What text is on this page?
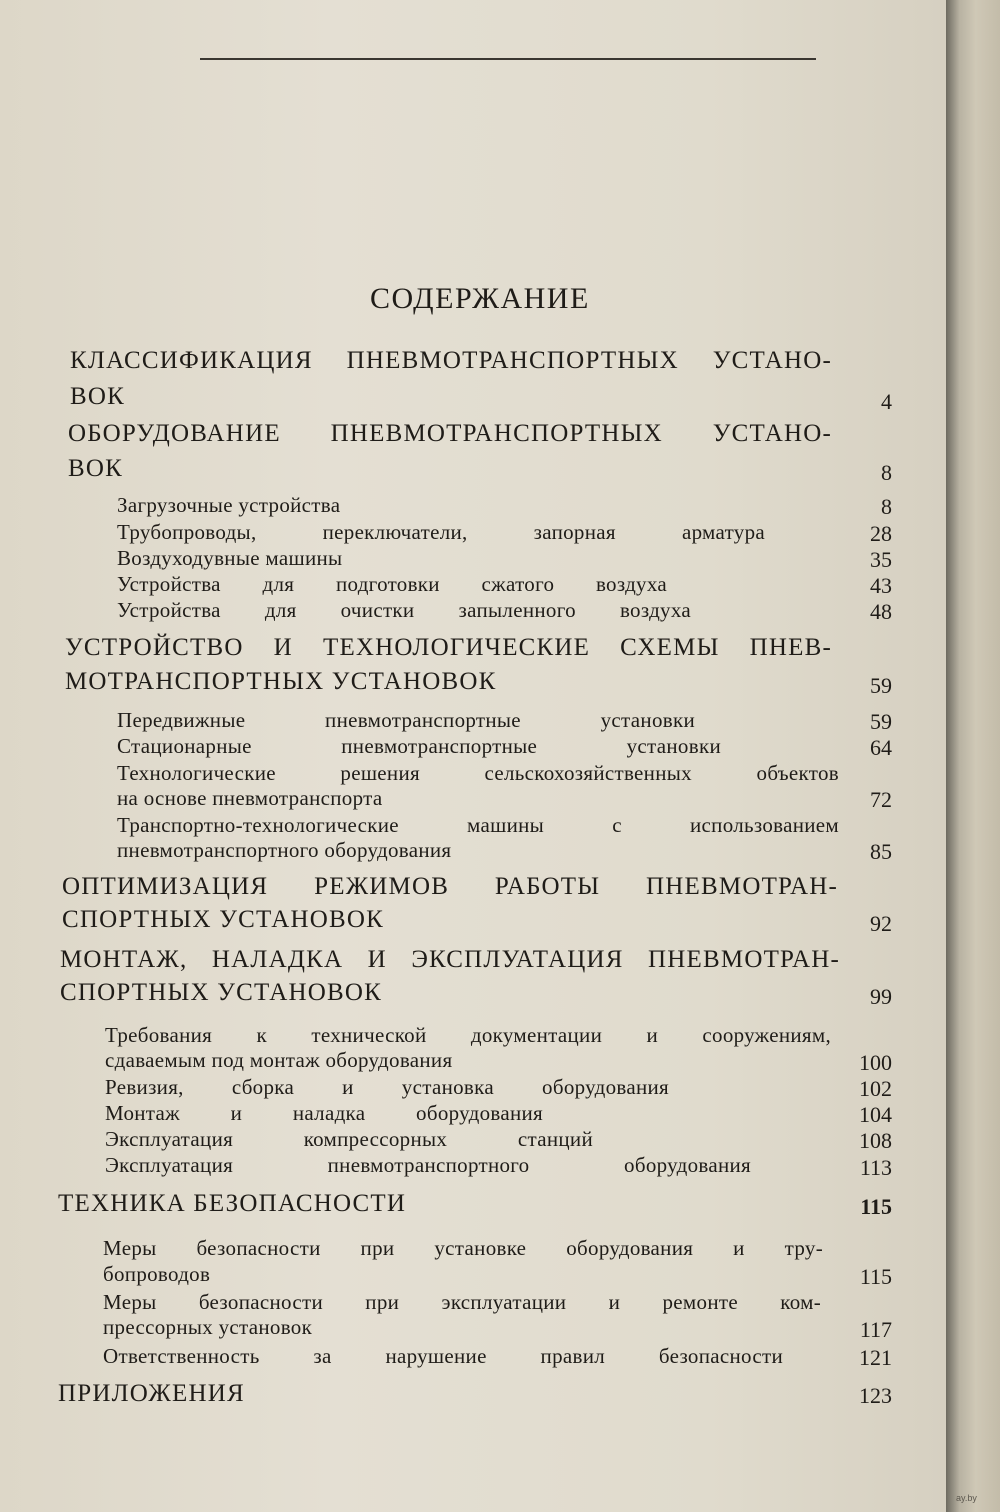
СОДЕРЖАНИЕ
КЛАССИФИКАЦИЯ ПНЕВМОТРАНСПОРТНЫХ УСТАНО-
ВОК	4
ОБОРУДОВАНИЕ ПНЕВМОТРАНСПОРТНЫХ УСТАНО-
ВОК	8
Загрузочные устройства	8
Трубопроводы, переключатели, запорная арматура	28
Воздуходувные машины	35
Устройства для подготовки сжатого воздуха	43
Устройства для очистки запыленного воздуха	48
УСТРОЙСТВО И ТЕХНОЛОГИЧЕСКИЕ СХЕМЫ ПНЕВ-
МОТРАНСПОРТНЫХ УСТАНОВОК	59
Передвижные пневмотранспортные установки	59
Стационарные пневмотранспортные установки	64
Технологические решения сельскохозяйственных объектов
на основе пневмотранспорта	72
Транспортно-технологические машины с использованием
пневмотранспортного оборудования	85
ОПТИМИЗАЦИЯ РЕЖИМОВ РАБОТЫ ПНЕВМОТРАН-
СПОРТНЫХ УСТАНОВОК	92
МОНТАЖ, НАЛАДКА И ЭКСПЛУАТАЦИЯ ПНЕВМОТРАН-
СПОРТНЫХ УСТАНОВОК	99
Требования к технической документации и сооружениям,
сдаваемым под монтаж оборудования	100
Ревизия, сборка и установка оборудования	102
Монтаж и наладка оборудования	104
Эксплуатация компрессорных станций	108
Эксплуатация пневмотранспортного оборудования	113
ТЕХНИКА БЕЗОПАСНОСТИ	115
Меры безопасности при установке оборудования и тру-
бопроводов	115
Меры безопасности при эксплуатации и ремонте ком-
прессорных установок	117
Ответственность за нарушение правил безопасности	121
ПРИЛОЖЕНИЯ	123
ay.by
